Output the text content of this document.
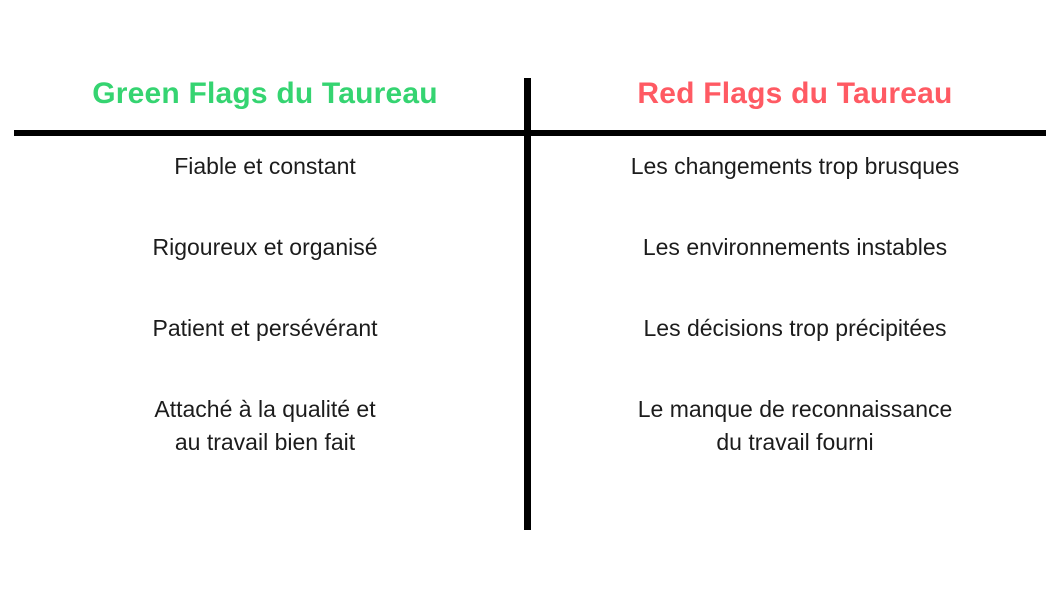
Green Flags du Taureau
Fiable et constant
Rigoureux et organisé
Patient et persévérant
Attaché à la qualité et
au travail bien fait
Red Flags du Taureau
Les changements trop brusques
Les environnements instables
Les décisions trop précipitées
Le manque de reconnaissance
du travail fourni
